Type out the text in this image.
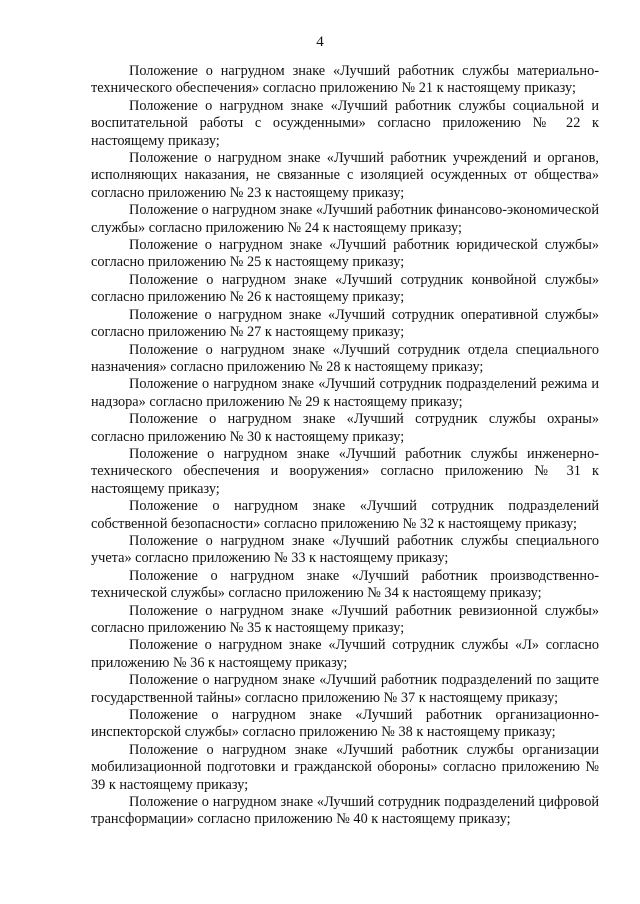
4

Положение о нагрудном знаке «Лучший работник службы материально-технического обеспечения» согласно приложению № 21 к настоящему приказу;

Положение о нагрудном знаке «Лучший работник службы социальной и воспитательной работы с осужденными» согласно приложению № 22 к настоящему приказу;

Положение о нагрудном знаке «Лучший работник учреждений и органов, исполняющих наказания, не связанные с изоляцией осужденных от общества» согласно приложению № 23 к настоящему приказу;

Положение о нагрудном знаке «Лучший работник финансово-экономической службы» согласно приложению № 24 к настоящему приказу;

Положение о нагрудном знаке «Лучший работник юридической службы» согласно приложению № 25 к настоящему приказу;

Положение о нагрудном знаке «Лучший сотрудник конвойной службы» согласно приложению № 26 к настоящему приказу;

Положение о нагрудном знаке «Лучший сотрудник оперативной службы» согласно приложению № 27 к настоящему приказу;

Положение о нагрудном знаке «Лучший сотрудник отдела специального назначения» согласно приложению № 28 к настоящему приказу;

Положение о нагрудном знаке «Лучший сотрудник подразделений режима и надзора» согласно приложению № 29 к настоящему приказу;

Положение о нагрудном знаке «Лучший сотрудник службы охраны» согласно приложению № 30 к настоящему приказу;

Положение о нагрудном знаке «Лучший работник службы инженерно-технического обеспечения и вооружения» согласно приложению № 31 к настоящему приказу;

Положение о нагрудном знаке «Лучший сотрудник подразделений собственной безопасности» согласно приложению № 32 к настоящему приказу;

Положение о нагрудном знаке «Лучший работник службы специального учета» согласно приложению № 33 к настоящему приказу;

Положение о нагрудном знаке «Лучший работник производственно-технической службы» согласно приложению № 34 к настоящему приказу;

Положение о нагрудном знаке «Лучший работник ревизионной службы» согласно приложению № 35 к настоящему приказу;

Положение о нагрудном знаке «Лучший сотрудник службы «Л» согласно приложению № 36 к настоящему приказу;

Положение о нагрудном знаке «Лучший работник подразделений по защите государственной тайны» согласно приложению № 37 к настоящему приказу;

Положение о нагрудном знаке «Лучший работник организационно-инспекторской службы» согласно приложению № 38 к настоящему приказу;

Положение о нагрудном знаке «Лучший работник службы организации мобилизационной подготовки и гражданской обороны» согласно приложению № 39 к настоящему приказу;

Положение о нагрудном знаке «Лучший сотрудник подразделений цифровой трансформации» согласно приложению № 40 к настоящему приказу;
